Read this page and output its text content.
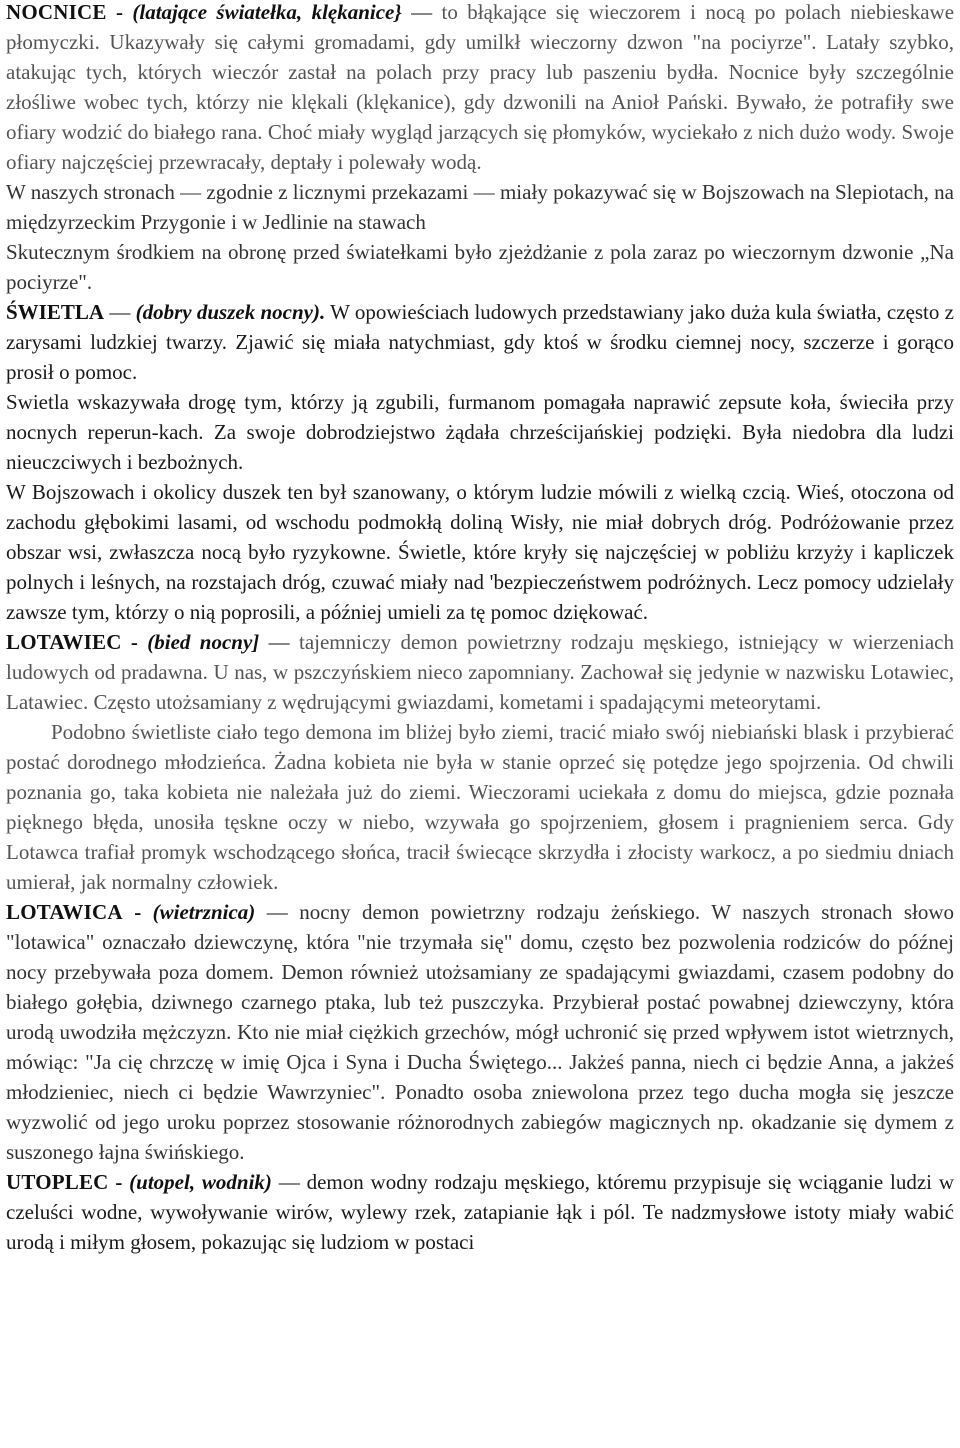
NOCNICE - (latające światełka, klękanice} — to błąkające się wieczorem i nocą po polach niebieskawe płomyczki. Ukazywały się całymi gromadami, gdy umilkł wieczorny dzwon "na pociyrze". Latały szybko, atakując tych, których wieczór zastał na polach przy pracy lub paszeniu bydła. Nocnice były szczególnie złośliwe wobec tych, którzy nie klękali (klękanice), gdy dzwonili na Anioł Pański. Bywało, że potrafiły swe ofiary wodzić do białego rana. Choć miały wygląd jarzących się płomyków, wyciekało z nich dużo wody. Swoje ofiary najczęściej przewracały, deptały i polewały wodą.

W naszych stronach — zgodnie z licznymi przekazami — miały pokazywać się w Bojszowach na Slepiotach, na międzyrzeckim Przygonie i w Jedlinie na stawach

Skutecznym środkiem na obronę przed światełkami było zjeżdżanie z pola zaraz po wieczornym dzwonie „Na pociyrze".

ŚWIETLA — (dobry duszek nocny). W opowieściach ludowych przedstawiany jako duża kula światła, często z zarysami ludzkiej twarzy. Zjawić się miała natychmiast, gdy ktoś w środku ciemnej nocy, szczerze i gorąco prosił o pomoc.

Swietla wskazywała drogę tym, którzy ją zgubili, furmanom pomagała naprawić zepsute koła, świeciła przy nocnych reperun-kach. Za swoje dobrodziejstwo żądała chrześcijańskiej podzięki. Była niedobra dla ludzi nieuczciwych i bezbożnych.

W Bojszowach i okolicy duszek ten był szanowany, o którym ludzie mówili z wielką czcią. Wieś, otoczona od zachodu głębokimi lasami, od wschodu podmokłą doliną Wisły, nie miał dobrych dróg. Podróżowanie przez obszar wsi, zwłaszcza nocą było ryzykowne. Świetle, które kryły się najczęściej w pobliżu krzyży i kapliczek polnych i leśnych, na rozstajach dróg, czuwać miały nad 'bezpieczeństwem podróżnych. Lecz pomocy udzielały zawsze tym, którzy o nią poprosili, a później umieli za tę pomoc dziękować.

LOTAWIEC - (bied nocny] — tajemniczy demon powietrzny rodzaju męskiego, istniejący w wierzeniach ludowych od pradawna. U nas, w pszczyńskiem nieco zapomniany. Zachował się jedynie w nazwisku Lotawiec, Latawiec. Często utożsamiany z wędrującymi gwiazdami, kometami i spadającymi meteorytami.

Podobno świetliste ciało tego demona im bliżej było ziemi, tracić miało swój niebiański blask i przybierać postać dorodnego młodzieńca. Żadna kobieta nie była w stanie oprzeć się potędze jego spojrzenia. Od chwili poznania go, taka kobieta nie należała już do ziemi. Wieczorami uciekała z domu do miejsca, gdzie poznała pięknego błęda, unosiła tęskne oczy w niebo, wzywała go spojrzeniem, głosem i pragnieniem serca. Gdy Lotawca trafiał promyk wschodzącego słońca, tracił świecące skrzydła i złocisty warkocz, a po siedmiu dniach umierał, jak normalny człowiek.

LOTAWICA - (wietrznica) — nocny demon powietrzny rodzaju żeńskiego. W naszych stronach słowo "lotawica" oznaczało dziewczynę, która "nie trzymała się" domu, często bez pozwolenia rodziców do późnej nocy przebywała poza domem. Demon również utożsamiany ze spadającymi gwiazdami, czasem podobny do białego gołębia, dziwnego czarnego ptaka, lub też puszczyka. Przybierał postać powabnej dziewczyny, która urodą uwodziła mężczyzn. Kto nie miał ciężkich grzechów, mógł uchronić się przed wpływem istot wietrznych, mówiąc: "Ja cię chrzczę w imię Ojca i Syna i Ducha Świętego... Jakżeś panna, niech ci będzie Anna, a jakżeś młodzieniec, niech ci będzie Wawrzyniec". Ponadto osoba zniewolona przez tego ducha mogła się jeszcze wyzwolić od jego uroku poprzez stosowanie różnorodnych zabiegów magicznych np. okadzanie się dymem z suszonego łajna świńskiego.

UTOPLEC - (utopel, wodnik) — demon wodny rodzaju męskiego, któremu przypisuje się wciąganie ludzi w czeluści wodne, wywoływanie wirów, wylewy rzek, zatapianie łąk i pól. Te nadzmysłowe istoty miały wabić urodą i miłym głosem, pokazując się ludziom w postaci
